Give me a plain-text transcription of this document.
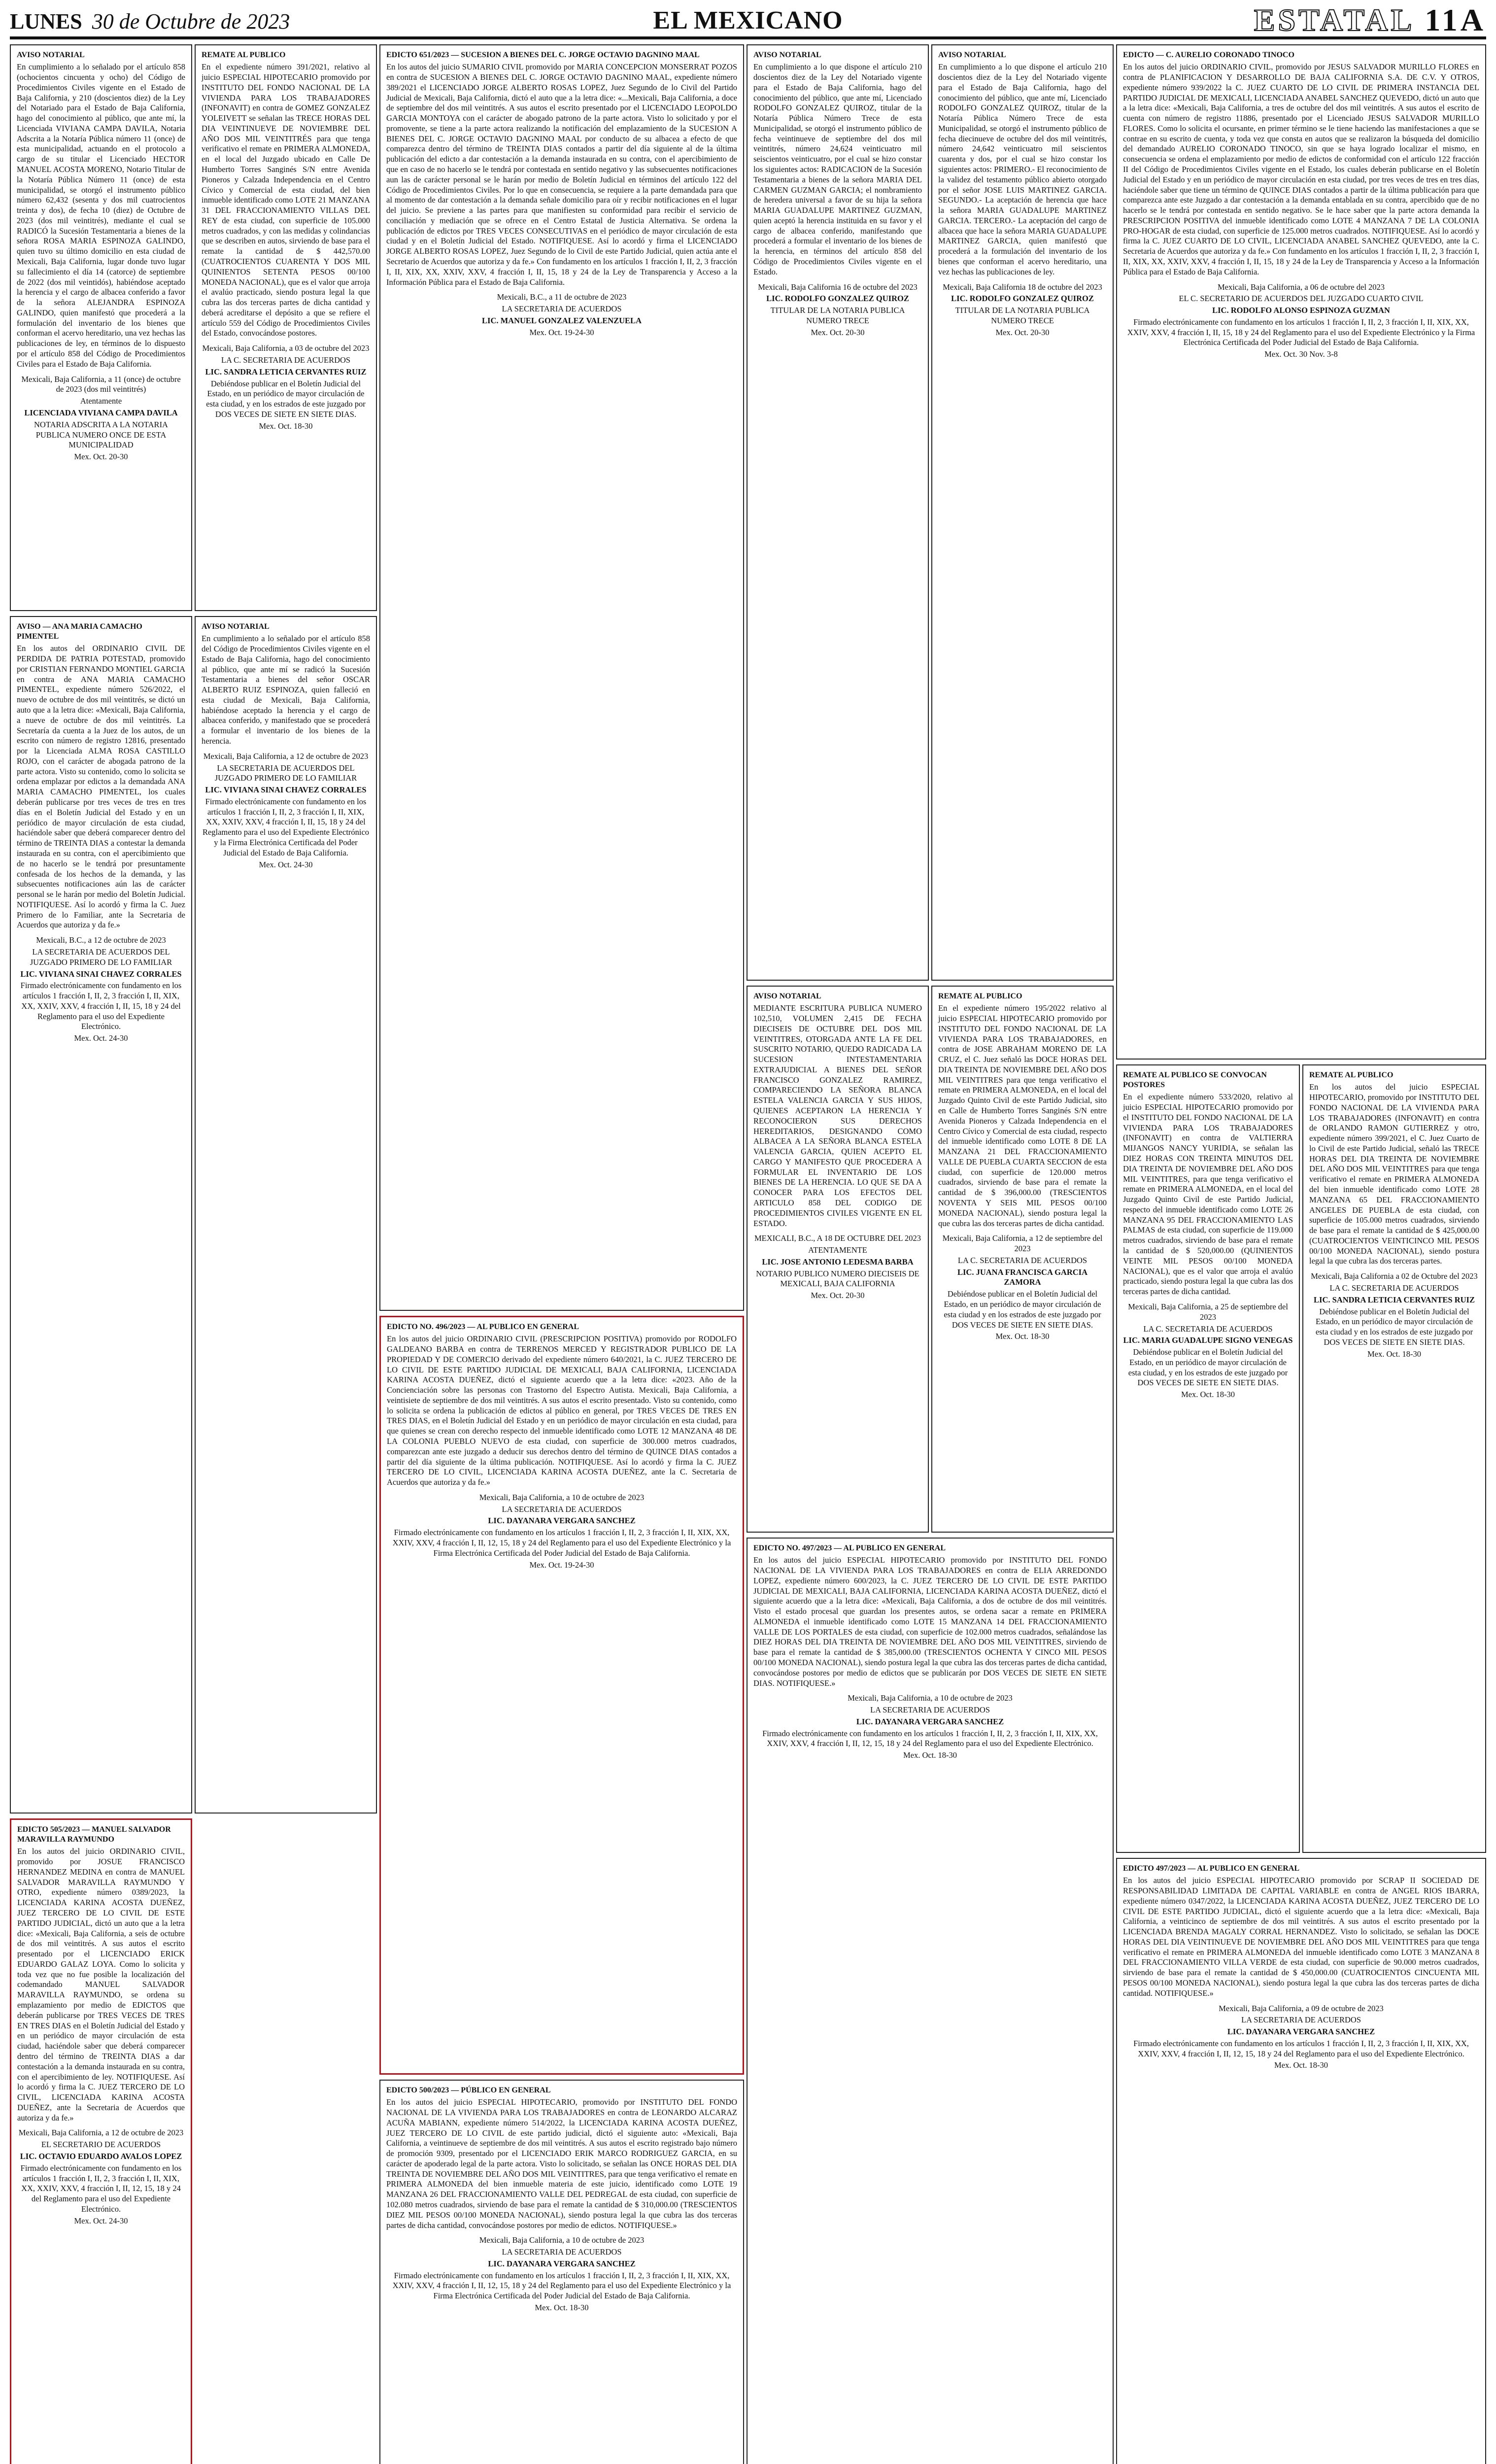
LUNES 30 de Octubre de 2023	EL MEXICANO	ESTATAL 11A
AVISO NOTARIAL
En cumplimiento a lo señalado por el artículo 858 (ochocientos cincuenta y ocho) del Código de Procedimientos Civiles vigente en el Estado de Baja California, y 210 (doscientos diez) de la Ley del Notariado para el Estado de Baja California, hago del conocimiento al público, que ante mí, la Licenciada VIVIANA CAMPA DAVILA, Notaria Adscrita a la Notaría Pública número 11 (once) de esta municipalidad, actuando en el protocolo a cargo de su titular el Licenciado HECTOR MANUEL ACOSTA MORENO, Notario Titular de la Notaría Pública Número 11 (once) de esta municipalidad, se otorgó el instrumento público número 62,432 (sesenta y dos mil cuatrocientos treinta y dos), de fecha 10 (diez) de Octubre de 2023 (dos mil veintitrés), mediante el cual se RADICÓ la Sucesión Testamentaria a bienes de la señora ROSA MARIA ESPINOZA GALINDO, quien tuvo su último domicilio en esta ciudad de Mexicali, Baja California, lugar donde tuvo lugar su fallecimiento el día 14 (catorce) de septiembre de 2022 (dos mil veintidós), habiéndose aceptado la herencia y el cargo de albacea conferido a favor de la señora ALEJANDRA ESPINOZA GALINDO, quien manifestó que procederá a la formulación del inventario de los bienes que conforman el acervo hereditario, una vez hechas las publicaciones de ley, en términos de lo dispuesto por el artículo 858 del Código de Procedimientos Civiles para el Estado de Baja California.
Mexicali, Baja California, a 11 (once) de octubre de 2023 (dos mil veintitrés)
Atentamente
LICENCIADA VIVIANA CAMPA DAVILA
NOTARIA ADSCRITA A LA NOTARIA PUBLICA NUMERO ONCE DE ESTA MUNICIPALIDAD
Mex. Oct. 20-30
AVISO — ANA MARIA CAMACHO PIMENTEL
En los autos del ORDINARIO CIVIL DE PERDIDA DE PATRIA POTESTAD, promovido por CRISTIAN FERNANDO MONTIEL GARCIA en contra de ANA MARIA CAMACHO PIMENTEL, expediente número 526/2022, el nuevo de octubre de dos mil veintitrés, se dictó un auto que a la letra dice: «Mexicali, Baja California, a nueve de octubre de dos mil veintitrés. La Secretaría da cuenta a la Juez de los autos, de un escrito con número de registro 12816, presentado por la Licenciada ALMA ROSA CASTILLO ROJO, con el carácter de abogada patrono de la parte actora. Visto su contenido, como lo solicita se ordena emplazar por edictos a la demandada ANA MARIA CAMACHO PIMENTEL, los cuales deberán publicarse por tres veces de tres en tres días en el Boletín Judicial del Estado y en un periódico de mayor circulación de esta ciudad, haciéndole saber que deberá comparecer dentro del término de TREINTA DIAS a contestar la demanda instaurada en su contra, con el apercibimiento que de no hacerlo se le tendrá por presuntamente confesada de los hechos de la demanda, y las subsecuentes notificaciones aún las de carácter personal se le harán por medio del Boletín Judicial. NOTIFIQUESE. Así lo acordó y firma la C. Juez Primero de lo Familiar, ante la Secretaria de Acuerdos que autoriza y da fe.»
Mexicali, B.C., a 12 de octubre de 2023
LA SECRETARIA DE ACUERDOS DEL JUZGADO PRIMERO DE LO FAMILIAR
LIC. VIVIANA SINAI CHAVEZ CORRALES
Firmado electrónicamente con fundamento en los artículos 1 fracción I, II, 2, 3 fracción I, II, XIX, XX, XXIV, XXV, 4 fracción I, II, 15, 18 y 24 del Reglamento para el uso del Expediente Electrónico.
Mex. Oct. 24-30
EDICTO 505/2023 — MANUEL SALVADOR MARAVILLA RAYMUNDO
En los autos del juicio ORDINARIO CIVIL, promovido por JOSUE FRANCISCO HERNANDEZ MEDINA en contra de MANUEL SALVADOR MARAVILLA RAYMUNDO Y OTRO, expediente número 0389/2023, la LICENCIADA KARINA ACOSTA DUEÑEZ, JUEZ TERCERO DE LO CIVIL DE ESTE PARTIDO JUDICIAL, dictó un auto que a la letra dice: «Mexicali, Baja California, a seis de octubre de dos mil veintitrés. A sus autos el escrito presentado por el LICENCIADO ERICK EDUARDO GALAZ LOYA. Como lo solicita y toda vez que no fue posible la localización del codemandado MANUEL SALVADOR MARAVILLA RAYMUNDO, se ordena su emplazamiento por medio de EDICTOS que deberán publicarse por TRES VECES DE TRES EN TRES DIAS en el Boletín Judicial del Estado y en un periódico de mayor circulación de esta ciudad, haciéndole saber que deberá comparecer dentro del término de TREINTA DIAS a dar contestación a la demanda instaurada en su contra, con el apercibimiento de ley. NOTIFIQUESE. Así lo acordó y firma la C. JUEZ TERCERO DE LO CIVIL, LICENCIADA KARINA ACOSTA DUEÑEZ, ante la Secretaria de Acuerdos que autoriza y da fe.»
Mexicali, Baja California, a 12 de octubre de 2023
EL SECRETARIO DE ACUERDOS
LIC. OCTAVIO EDUARDO AVALOS LOPEZ
Firmado electrónicamente con fundamento en los artículos 1 fracción I, II, 2, 3 fracción I, II, XIX, XX, XXIV, XXV, 4 fracción I, II, 12, 15, 18 y 24 del Reglamento para el uso del Expediente Electrónico.
Mex. Oct. 24-30
REMATE AL PUBLICO
En el expediente número 391/2021, relativo al juicio ESPECIAL HIPOTECARIO promovido por INSTITUTO DEL FONDO NACIONAL DE LA VIVIENDA PARA LOS TRABAJADORES (INFONAVIT) en contra de GOMEZ GONZALEZ YOLEIVETT se señalan las TRECE HORAS DEL DIA VEINTINUEVE DE NOVIEMBRE DEL AÑO DOS MIL VEINTITRÉS para que tenga verificativo el remate en PRIMERA ALMONEDA, en el local del Juzgado ubicado en Calle De Humberto Torres Sanginés S/N entre Avenida Pioneros y Calzada Independencia en el Centro Cívico y Comercial de esta ciudad, del bien inmueble identificado como LOTE 21 MANZANA 31 DEL FRACCIONAMIENTO VILLAS DEL REY de esta ciudad, con superficie de 105.000 metros cuadrados, y con las medidas y colindancias que se describen en autos, sirviendo de base para el remate la cantidad de $ 442,570.00 (CUATROCIENTOS CUARENTA Y DOS MIL QUINIENTOS SETENTA PESOS 00/100 MONEDA NACIONAL), que es el valor que arroja el avalúo practicado, siendo postura legal la que cubra las dos terceras partes de dicha cantidad y deberá acreditarse el depósito a que se refiere el artículo 559 del Código de Procedimientos Civiles del Estado, convocándose postores.
Mexicali, Baja California, a 03 de octubre del 2023
LA C. SECRETARIA DE ACUERDOS
LIC. SANDRA LETICIA CERVANTES RUIZ
Debiéndose publicar en el Boletín Judicial del Estado, en un periódico de mayor circulación de esta ciudad, y en los estrados de este juzgado por DOS VECES DE SIETE EN SIETE DIAS.
Mex. Oct. 18-30
AVISO NOTARIAL
En cumplimiento a lo señalado por el artículo 858 del Código de Procedimientos Civiles vigente en el Estado de Baja California, hago del conocimiento al público, que ante mí se radicó la Sucesión Testamentaria a bienes del señor OSCAR ALBERTO RUIZ ESPINOZA, quien falleció en esta ciudad de Mexicali, Baja California, habiéndose aceptado la herencia y el cargo de albacea conferido, y manifestado que se procederá a formular el inventario de los bienes de la herencia.
Mexicali, Baja California, a 12 de octubre de 2023
LA SECRETARIA DE ACUERDOS DEL JUZGADO PRIMERO DE LO FAMILIAR
LIC. VIVIANA SINAI CHAVEZ CORRALES
Firmado electrónicamente con fundamento en los artículos 1 fracción I, II, 2, 3 fracción I, II, XIX, XX, XXIV, XXV, 4 fracción I, II, 15, 18 y 24 del Reglamento para el uso del Expediente Electrónico y la Firma Electrónica Certificada del Poder Judicial del Estado de Baja California.
Mex. Oct. 24-30
EDICTO 651/2023 — SUCESION A BIENES DEL C. JORGE OCTAVIO DAGNINO MAAL
En los autos del juicio SUMARIO CIVIL promovido por MARIA CONCEPCION MONSERRAT POZOS en contra de SUCESION A BIENES DEL C. JORGE OCTAVIO DAGNINO MAAL, expediente número 389/2021 el LICENCIADO JORGE ALBERTO ROSAS LOPEZ, Juez Segundo de lo Civil del Partido Judicial de Mexicali, Baja California, dictó el auto que a la letra dice: «...Mexicali, Baja California, a doce de septiembre del dos mil veintitrés. A sus autos el escrito presentado por el LICENCIADO LEOPOLDO GARCIA MONTOYA con el carácter de abogado patrono de la parte actora. Visto lo solicitado y por el promovente, se tiene a la parte actora realizando la notificación del emplazamiento de la SUCESION A BIENES DEL C. JORGE OCTAVIO DAGNINO MAAL por conducto de su albacea a efecto de que comparezca dentro del término de TREINTA DIAS contados a partir del día siguiente al de la última publicación del edicto a dar contestación a la demanda instaurada en su contra, con el apercibimiento de que en caso de no hacerlo se le tendrá por contestada en sentido negativo y las subsecuentes notificaciones aun las de carácter personal se le harán por medio de Boletín Judicial en términos del artículo 122 del Código de Procedimientos Civiles. Por lo que en consecuencia, se requiere a la parte demandada para que al momento de dar contestación a la demanda señale domicilio para oír y recibir notificaciones en el lugar del juicio. Se previene a las partes para que manifiesten su conformidad para recibir el servicio de conciliación y mediación que se ofrece en el Centro Estatal de Justicia Alternativa. Se ordena la publicación de edictos por TRES VECES CONSECUTIVAS en el periódico de mayor circulación de esta ciudad y en el Boletín Judicial del Estado. NOTIFIQUESE. Así lo acordó y firma el LICENCIADO JORGE ALBERTO ROSAS LOPEZ, Juez Segundo de lo Civil de este Partido Judicial, quien actúa ante el Secretario de Acuerdos que autoriza y da fe.» Con fundamento en los artículos 1 fracción I, II, 2, 3 fracción I, II, XIX, XX, XXIV, XXV, 4 fracción I, II, 15, 18 y 24 de la Ley de Transparencia y Acceso a la Información Pública para el Estado de Baja California.
Mexicali, B.C., a 11 de octubre de 2023
LA SECRETARIA DE ACUERDOS
LIC. MANUEL GONZALEZ VALENZUELA
Mex. Oct. 19-24-30
EDICTO NO. 496/2023 — AL PUBLICO EN GENERAL
En los autos del juicio ORDINARIO CIVIL (PRESCRIPCION POSITIVA) promovido por RODOLFO GALDEANO BARBA en contra de TERRENOS MERCED Y REGISTRADOR PUBLICO DE LA PROPIEDAD Y DE COMERCIO derivado del expediente número 640/2021, la C. JUEZ TERCERO DE LO CIVIL DE ESTE PARTIDO JUDICIAL DE MEXICALI, BAJA CALIFORNIA, LICENCIADA KARINA ACOSTA DUEÑEZ, dictó el siguiente acuerdo que a la letra dice: «2023. Año de la Concienciación sobre las personas con Trastorno del Espectro Autista. Mexicali, Baja California, a veintisiete de septiembre de dos mil veintitrés. A sus autos el escrito presentado. Visto su contenido, como lo solicita se ordena la publicación de edictos al público en general, por TRES VECES DE TRES EN TRES DIAS, en el Boletín Judicial del Estado y en un periódico de mayor circulación en esta ciudad, para que quienes se crean con derecho respecto del inmueble identificado como LOTE 12 MANZANA 48 DE LA COLONIA PUEBLO NUEVO de esta ciudad, con superficie de 300.000 metros cuadrados, comparezcan ante este juzgado a deducir sus derechos dentro del término de QUINCE DIAS contados a partir del día siguiente de la última publicación. NOTIFIQUESE. Así lo acordó y firma la C. JUEZ TERCERO DE LO CIVIL, LICENCIADA KARINA ACOSTA DUEÑEZ, ante la C. Secretaria de Acuerdos que autoriza y da fe.»
Mexicali, Baja California, a 10 de octubre de 2023
LA SECRETARIA DE ACUERDOS
LIC. DAYANARA VERGARA SANCHEZ
Firmado electrónicamente con fundamento en los artículos 1 fracción I, II, 2, 3 fracción I, II, XIX, XX, XXIV, XXV, 4 fracción I, II, 12, 15, 18 y 24 del Reglamento para el uso del Expediente Electrónico y la Firma Electrónica Certificada del Poder Judicial del Estado de Baja California.
Mex. Oct. 19-24-30
EDICTO 500/2023 — PÚBLICO EN GENERAL
En los autos del juicio ESPECIAL HIPOTECARIO, promovido por INSTITUTO DEL FONDO NACIONAL DE LA VIVIENDA PARA LOS TRABAJADORES en contra de LEONARDO ALCARAZ ACUÑA MABIANN, expediente número 514/2022, la LICENCIADA KARINA ACOSTA DUEÑEZ, JUEZ TERCERO DE LO CIVIL de este partido judicial, dictó el siguiente auto: «Mexicali, Baja California, a veintinueve de septiembre de dos mil veintitrés. A sus autos el escrito registrado bajo número de promoción 9309, presentado por el LICENCIADO ERIK MARCO RODRIGUEZ GARCIA, en su carácter de apoderado legal de la parte actora. Visto lo solicitado, se señalan las ONCE HORAS DEL DIA TREINTA DE NOVIEMBRE DEL AÑO DOS MIL VEINTITRES, para que tenga verificativo el remate en PRIMERA ALMONEDA del bien inmueble materia de este juicio, identificado como LOTE 19 MANZANA 26 DEL FRACCIONAMIENTO VALLE DEL PEDREGAL de esta ciudad, con superficie de 102.080 metros cuadrados, sirviendo de base para el remate la cantidad de $ 310,000.00 (TRESCIENTOS DIEZ MIL PESOS 00/100 MONEDA NACIONAL), siendo postura legal la que cubra las dos terceras partes de dicha cantidad, convocándose postores por medio de edictos. NOTIFIQUESE.»
Mexicali, Baja California, a 10 de octubre de 2023
LA SECRETARIA DE ACUERDOS
LIC. DAYANARA VERGARA SANCHEZ
Firmado electrónicamente con fundamento en los artículos 1 fracción I, II, 2, 3 fracción I, II, XIX, XX, XXIV, XXV, 4 fracción I, II, 12, 15, 18 y 24 del Reglamento para el uso del Expediente Electrónico y la Firma Electrónica Certificada del Poder Judicial del Estado de Baja California.
Mex. Oct. 18-30
AVISO NOTARIAL
En cumplimiento a lo que dispone el artículo 210 doscientos diez de la Ley del Notariado vigente para el Estado de Baja California, hago del conocimiento del público, que ante mí, Licenciado RODOLFO GONZALEZ QUIROZ, titular de la Notaría Pública Número Trece de esta Municipalidad, se otorgó el instrumento público de fecha veintinueve de septiembre del dos mil veintitrés, número 24,624 veinticuatro mil seiscientos veinticuatro, por el cual se hizo constar los siguientes actos: RADICACION de la Sucesión Testamentaria a bienes de la señora MARIA DEL CARMEN GUZMAN GARCIA; el nombramiento de heredera universal a favor de su hija la señora MARIA GUADALUPE MARTINEZ GUZMAN, quien aceptó la herencia instituida en su favor y el cargo de albacea conferido, manifestando que procederá a formular el inventario de los bienes de la herencia, en términos del artículo 858 del Código de Procedimientos Civiles vigente en el Estado.
Mexicali, Baja California 16 de octubre del 2023
LIC. RODOLFO GONZALEZ QUIROZ
TITULAR DE LA NOTARIA PUBLICA NUMERO TRECE
Mex. Oct. 20-30
AVISO NOTARIAL
MEDIANTE ESCRITURA PUBLICA NUMERO 102,510, VOLUMEN 2,415 DE FECHA DIECISEIS DE OCTUBRE DEL DOS MIL VEINTITRES, OTORGADA ANTE LA FE DEL SUSCRITO NOTARIO, QUEDO RADICADA LA SUCESION INTESTAMENTARIA EXTRAJUDICIAL A BIENES DEL SEÑOR FRANCISCO GONZALEZ RAMIREZ, COMPARECIENDO LA SEÑORA BLANCA ESTELA VALENCIA GARCIA Y SUS HIJOS, QUIENES ACEPTARON LA HERENCIA Y RECONOCIERON SUS DERECHOS HEREDITARIOS, DESIGNANDO COMO ALBACEA A LA SEÑORA BLANCA ESTELA VALENCIA GARCIA, QUIEN ACEPTO EL CARGO Y MANIFESTO QUE PROCEDERA A FORMULAR EL INVENTARIO DE LOS BIENES DE LA HERENCIA. LO QUE SE DA A CONOCER PARA LOS EFECTOS DEL ARTICULO 858 DEL CODIGO DE PROCEDIMIENTOS CIVILES VIGENTE EN EL ESTADO.
MEXICALI, B.C., A 18 DE OCTUBRE DEL 2023
ATENTAMENTE
LIC. JOSE ANTONIO LEDESMA BARBA
NOTARIO PUBLICO NUMERO DIECISEIS DE MEXICALI, BAJA CALIFORNIA
Mex. Oct. 20-30
AVISO NOTARIAL
En cumplimiento a lo que dispone el artículo 210 doscientos diez de la Ley del Notariado vigente para el Estado de Baja California, hago del conocimiento del público, que ante mí, Licenciado RODOLFO GONZALEZ QUIROZ, titular de la Notaría Pública Número Trece de esta Municipalidad, se otorgó el instrumento público de fecha diecinueve de octubre del dos mil veintitrés, número 24,642 veinticuatro mil seiscientos cuarenta y dos, por el cual se hizo constar los siguientes actos: PRIMERO.- El reconocimiento de la validez del testamento público abierto otorgado por el señor JOSE LUIS MARTINEZ GARCIA. SEGUNDO.- La aceptación de herencia que hace la señora MARIA GUADALUPE MARTINEZ GARCIA. TERCERO.- La aceptación del cargo de albacea que hace la señora MARIA GUADALUPE MARTINEZ GARCIA, quien manifestó que procederá a la formulación del inventario de los bienes que conforman el acervo hereditario, una vez hechas las publicaciones de ley.
Mexicali, Baja California 18 de octubre del 2023
LIC. RODOLFO GONZALEZ QUIROZ
TITULAR DE LA NOTARIA PUBLICA NUMERO TRECE
Mex. Oct. 20-30
REMATE AL PUBLICO
En el expediente número 195/2022 relativo al juicio ESPECIAL HIPOTECARIO promovido por INSTITUTO DEL FONDO NACIONAL DE LA VIVIENDA PARA LOS TRABAJADORES, en contra de JOSE ABRAHAM MORENO DE LA CRUZ, el C. Juez señaló las DOCE HORAS DEL DIA TREINTA DE NOVIEMBRE DEL AÑO DOS MIL VEINTITRES para que tenga verificativo el remate en PRIMERA ALMONEDA, en el local del Juzgado Quinto Civil de este Partido Judicial, sito en Calle de Humberto Torres Sanginés S/N entre Avenida Pioneros y Calzada Independencia en el Centro Cívico y Comercial de esta ciudad, respecto del inmueble identificado como LOTE 8 DE LA MANZANA 21 DEL FRACCIONAMIENTO VALLE DE PUEBLA CUARTA SECCION de esta ciudad, con superficie de 120.000 metros cuadrados, sirviendo de base para el remate la cantidad de $ 396,000.00 (TRESCIENTOS NOVENTA Y SEIS MIL PESOS 00/100 MONEDA NACIONAL), siendo postura legal la que cubra las dos terceras partes de dicha cantidad.
Mexicali, Baja California, a 12 de septiembre del 2023
LA C. SECRETARIA DE ACUERDOS
LIC. JUANA FRANCISCA GARCIA ZAMORA
Debiéndose publicar en el Boletín Judicial del Estado, en un periódico de mayor circulación de esta ciudad y en los estrados de este juzgado por DOS VECES DE SIETE EN SIETE DIAS.
Mex. Oct. 18-30
EDICTO NO. 497/2023 — AL PUBLICO EN GENERAL
En los autos del juicio ESPECIAL HIPOTECARIO promovido por INSTITUTO DEL FONDO NACIONAL DE LA VIVIENDA PARA LOS TRABAJADORES en contra de ELIA ARREDONDO LOPEZ, expediente número 600/2023, la C. JUEZ TERCERO DE LO CIVIL DE ESTE PARTIDO JUDICIAL DE MEXICALI, BAJA CALIFORNIA, LICENCIADA KARINA ACOSTA DUEÑEZ, dictó el siguiente acuerdo que a la letra dice: «Mexicali, Baja California, a dos de octubre de dos mil veintitrés. Visto el estado procesal que guardan los presentes autos, se ordena sacar a remate en PRIMERA ALMONEDA el inmueble identificado como LOTE 15 MANZANA 14 DEL FRACCIONAMIENTO VALLE DE LOS PORTALES de esta ciudad, con superficie de 102.000 metros cuadrados, señalándose las DIEZ HORAS DEL DIA TREINTA DE NOVIEMBRE DEL AÑO DOS MIL VEINTITRES, sirviendo de base para el remate la cantidad de $ 385,000.00 (TRESCIENTOS OCHENTA Y CINCO MIL PESOS 00/100 MONEDA NACIONAL), siendo postura legal la que cubra las dos terceras partes de dicha cantidad, convocándose postores por medio de edictos que se publicarán por DOS VECES DE SIETE EN SIETE DIAS. NOTIFIQUESE.»
Mexicali, Baja California, a 10 de octubre de 2023
LA SECRETARIA DE ACUERDOS
LIC. DAYANARA VERGARA SANCHEZ
Firmado electrónicamente con fundamento en los artículos 1 fracción I, II, 2, 3 fracción I, II, XIX, XX, XXIV, XXV, 4 fracción I, II, 12, 15, 18 y 24 del Reglamento para el uso del Expediente Electrónico.
Mex. Oct. 18-30
EDICTO — C. AURELIO CORONADO TINOCO
En los autos del juicio ORDINARIO CIVIL, promovido por JESUS SALVADOR MURILLO FLORES en contra de PLANIFICACION Y DESARROLLO DE BAJA CALIFORNIA S.A. DE C.V. Y OTROS, expediente número 939/2022 la C. JUEZ CUARTO DE LO CIVIL DE PRIMERA INSTANCIA DEL PARTIDO JUDICIAL DE MEXICALI, LICENCIADA ANABEL SANCHEZ QUEVEDO, dictó un auto que a la letra dice: «Mexicali, Baja California, a tres de octubre del dos mil veintitrés. A sus autos el escrito de cuenta con número de registro 11886, presentado por el Licenciado JESUS SALVADOR MURILLO FLORES. Como lo solicita el ocursante, en primer término se le tiene haciendo las manifestaciones a que se contrae en su escrito de cuenta, y toda vez que consta en autos que se realizaron la búsqueda del domicilio del demandado AURELIO CORONADO TINOCO, sin que se haya logrado localizar el mismo, en consecuencia se ordena el emplazamiento por medio de edictos de conformidad con el artículo 122 fracción II del Código de Procedimientos Civiles vigente en el Estado, los cuales deberán publicarse en el Boletín Judicial del Estado y en un periódico de mayor circulación en esta ciudad, por tres veces de tres en tres días, haciéndole saber que tiene un término de QUINCE DIAS contados a partir de la última publicación para que comparezca ante este Juzgado a dar contestación a la demanda entablada en su contra, apercibido que de no hacerlo se le tendrá por contestada en sentido negativo. Se le hace saber que la parte actora demanda la PRESCRIPCION POSITIVA del inmueble identificado como LOTE 4 MANZANA 7 DE LA COLONIA PRO-HOGAR de esta ciudad, con superficie de 125.000 metros cuadrados. NOTIFIQUESE. Así lo acordó y firma la C. JUEZ CUARTO DE LO CIVIL, LICENCIADA ANABEL SANCHEZ QUEVEDO, ante la C. Secretaria de Acuerdos que autoriza y da fe.» Con fundamento en los artículos 1 fracción I, II, 2, 3 fracción I, II, XIX, XX, XXIV, XXV, 4 fracción I, II, 15, 18 y 24 de la Ley de Transparencia y Acceso a la Información Pública para el Estado de Baja California.
Mexicali, Baja California, a 06 de octubre del 2023
EL C. SECRETARIO DE ACUERDOS DEL JUZGADO CUARTO CIVIL
LIC. RODOLFO ALONSO ESPINOZA GUZMAN
Firmado electrónicamente con fundamento en los artículos 1 fracción I, II, 2, 3 fracción I, II, XIX, XX, XXIV, XXV, 4 fracción I, II, 15, 18 y 24 del Reglamento para el uso del Expediente Electrónico y la Firma Electrónica Certificada del Poder Judicial del Estado de Baja California.
Mex. Oct. 30 Nov. 3-8
REMATE AL PUBLICO SE CONVOCAN POSTORES
En el expediente número 533/2020, relativo al juicio ESPECIAL HIPOTECARIO promovido por el INSTITUTO DEL FONDO NACIONAL DE LA VIVIENDA PARA LOS TRABAJADORES (INFONAVIT) en contra de VALTIERRA MIJANGOS NANCY YURIDIA, se señalan las DIEZ HORAS CON TREINTA MINUTOS DEL DIA TREINTA DE NOVIEMBRE DEL AÑO DOS MIL VEINTITRES, para que tenga verificativo el remate en PRIMERA ALMONEDA, en el local del Juzgado Quinto Civil de este Partido Judicial, respecto del inmueble identificado como LOTE 26 MANZANA 95 DEL FRACCIONAMIENTO LAS PALMAS de esta ciudad, con superficie de 119.000 metros cuadrados, sirviendo de base para el remate la cantidad de $ 520,000.00 (QUINIENTOS VEINTE MIL PESOS 00/100 MONEDA NACIONAL), que es el valor que arroja el avalúo practicado, siendo postura legal la que cubra las dos terceras partes de dicha cantidad.
Mexicali, Baja California, a 25 de septiembre del 2023
LA C. SECRETARIA DE ACUERDOS
LIC. MARIA GUADALUPE SIGNO VENEGAS
Debiéndose publicar en el Boletín Judicial del Estado, en un periódico de mayor circulación de esta ciudad, y en los estrados de este juzgado por DOS VECES DE SIETE EN SIETE DIAS.
Mex. Oct. 18-30
REMATE AL PUBLICO
En los autos del juicio ESPECIAL HIPOTECARIO, promovido por INSTITUTO DEL FONDO NACIONAL DE LA VIVIENDA PARA LOS TRABAJADORES (INFONAVIT) en contra de ORLANDO RAMON GUTIERREZ y otro, expediente número 399/2021, el C. Juez Cuarto de lo Civil de este Partido Judicial, señaló las TRECE HORAS DEL DIA TREINTA DE NOVIEMBRE DEL AÑO DOS MIL VEINTITRES para que tenga verificativo el remate en PRIMERA ALMONEDA del bien inmueble identificado como LOTE 28 MANZANA 65 DEL FRACCIONAMIENTO ANGELES DE PUEBLA de esta ciudad, con superficie de 105.000 metros cuadrados, sirviendo de base para el remate la cantidad de $ 425,000.00 (CUATROCIENTOS VEINTICINCO MIL PESOS 00/100 MONEDA NACIONAL), siendo postura legal la que cubra las dos terceras partes.
Mexicali, Baja California a 02 de Octubre del 2023
LA C. SECRETARIA DE ACUERDOS
LIC. SANDRA LETICIA CERVANTES RUIZ
Debiéndose publicar en el Boletín Judicial del Estado, en un periódico de mayor circulación de esta ciudad y en los estrados de este juzgado por DOS VECES DE SIETE EN SIETE DIAS.
Mex. Oct. 18-30
EDICTO 497/2023 — AL PUBLICO EN GENERAL
En los autos del juicio ESPECIAL HIPOTECARIO promovido por SCRAP II SOCIEDAD DE RESPONSABILIDAD LIMITADA DE CAPITAL VARIABLE en contra de ANGEL RIOS IBARRA, expediente número 0347/2022, la LICENCIADA KARINA ACOSTA DUEÑEZ, JUEZ TERCERO DE LO CIVIL DE ESTE PARTIDO JUDICIAL, dictó el siguiente acuerdo que a la letra dice: «Mexicali, Baja California, a veinticinco de septiembre de dos mil veintitrés. A sus autos el escrito presentado por la LICENCIADA BRENDA MAGALY CORRAL HERNANDEZ. Visto lo solicitado, se señalan las DOCE HORAS DEL DIA VEINTINUEVE DE NOVIEMBRE DEL AÑO DOS MIL VEINTITRES para que tenga verificativo el remate en PRIMERA ALMONEDA del inmueble identificado como LOTE 3 MANZANA 8 DEL FRACCIONAMIENTO VILLA VERDE de esta ciudad, con superficie de 90.000 metros cuadrados, sirviendo de base para el remate la cantidad de $ 450,000.00 (CUATROCIENTOS CINCUENTA MIL PESOS 00/100 MONEDA NACIONAL), siendo postura legal la que cubra las dos terceras partes de dicha cantidad. NOTIFIQUESE.»
Mexicali, Baja California, a 09 de octubre de 2023
LA SECRETARIA DE ACUERDOS
LIC. DAYANARA VERGARA SANCHEZ
Firmado electrónicamente con fundamento en los artículos 1 fracción I, II, 2, 3 fracción I, II, XIX, XX, XXIV, XXV, 4 fracción I, II, 12, 15, 18 y 24 del Reglamento para el uso del Expediente Electrónico.
Mex. Oct. 18-30
